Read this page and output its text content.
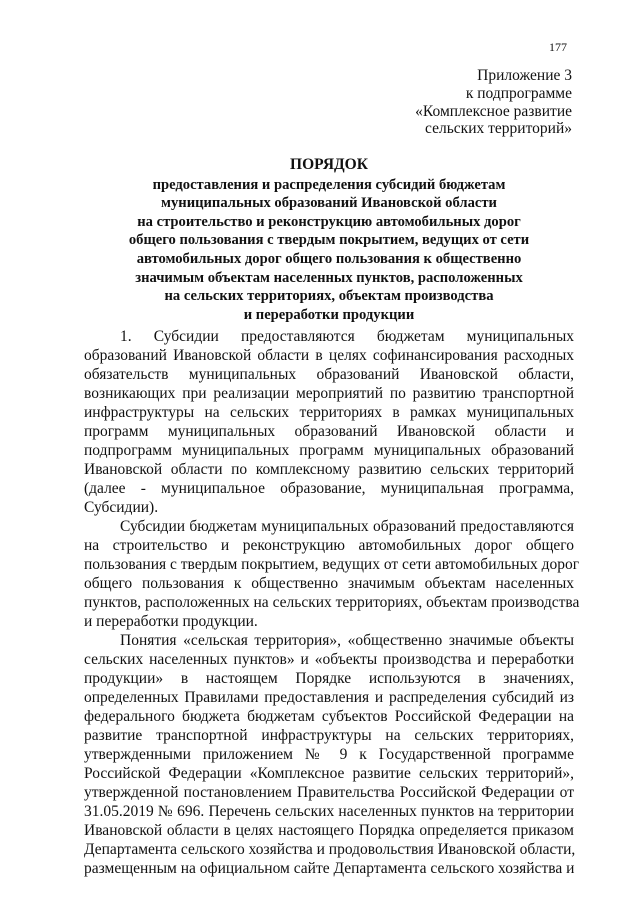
177
Приложение 3
к подпрограмме
«Комплексное развитие
сельских территорий»
ПОРЯДОК
предоставления и распределения субсидий бюджетам
муниципальных образований Ивановской области
на строительство и реконструкцию автомобильных дорог
общего пользования с твердым покрытием, ведущих от сети
автомобильных дорог общего пользования к общественно
значимым объектам населенных пунктов, расположенных
на сельских территориях, объектам производства
и переработки продукции
1. Субсидии предоставляются бюджетам муниципальных
образований Ивановской области в целях софинансирования расходных
обязательств муниципальных образований Ивановской области,
возникающих при реализации мероприятий по развитию транспортной
инфраструктуры на сельских территориях в рамках муниципальных
программ муниципальных образований Ивановской области и
подпрограмм муниципальных программ муниципальных образований
Ивановской области по комплексному развитию сельских территорий
(далее - муниципальное образование, муниципальная программа,
Субсидии).
Субсидии бюджетам муниципальных образований предоставляются
на строительство и реконструкцию автомобильных дорог общего
пользования с твердым покрытием, ведущих от сети автомобильных дорог
общего пользования к общественно значимым объектам населенных
пунктов, расположенных на сельских территориях, объектам производства
и переработки продукции.
Понятия «сельская территория», «общественно значимые объекты
сельских населенных пунктов» и «объекты производства и переработки
продукции» в настоящем Порядке используются в значениях,
определенных Правилами предоставления и распределения субсидий из
федерального бюджета бюджетам субъектов Российской Федерации на
развитие транспортной инфраструктуры на сельских территориях,
утвержденными приложением № 9 к Государственной программе
Российской Федерации «Комплексное развитие сельских территорий»,
утвержденной постановлением Правительства Российской Федерации от
31.05.2019 № 696. Перечень сельских населенных пунктов на территории
Ивановской области в целях настоящего Порядка определяется приказом
Департамента сельского хозяйства и продовольствия Ивановской области,
размещенным на официальном сайте Департамента сельского хозяйства и
